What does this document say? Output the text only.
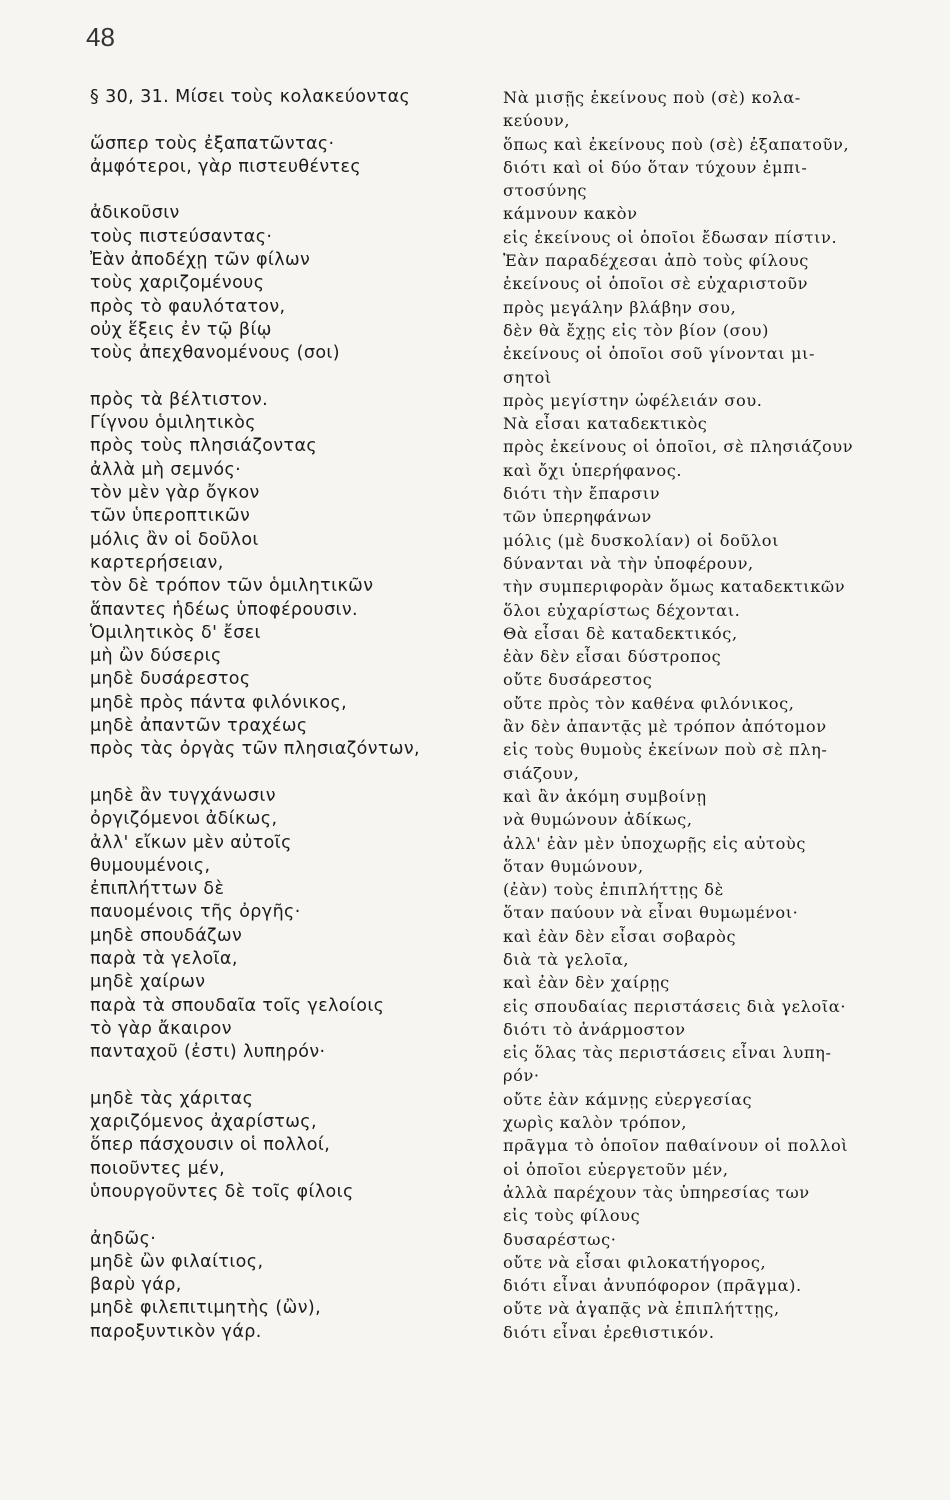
48
§ 30, 31. Μίσει τοὺς κολακεύοντας
ὥσπερ τοὺς ἐξαπατῶντας·
ἀμφότεροι, γὰρ πιστευθέντες
ἀδικοῦσιν
τοὺς πιστεύσαντας·
Ἐὰν ἀποδέχῃ τῶν φίλων
τοὺς χαριζομένους
πρὸς τὸ φαυλότατον,
οὐχ ἕξεις ἐν τῷ βίῳ
τοὺς ἀπεχθανομένους (σοι)
πρὸς τὰ βέλτιστον.
Γίγνου ὁμιλητικὸς
πρὸς τοὺς πλησιάζοντας
ἀλλὰ μὴ σεμνός·
τὸν μὲν γὰρ ὄγκον
τῶν ὑπεροπτικῶν
μόλις ἂν οἱ δοῦλοι
καρτερήσειαν,
τὸν δὲ τρόπον τῶν ὁμιλητικῶν
ἅπαντες ἡδέως ὑποφέρουσιν.
Ὁμιλητικὸς δ' ἔσει
μὴ ὢν δύσερις
μηδὲ δυσάρεστος
μηδὲ πρὸς πάντα φιλόνικος,
μηδὲ ἀπαντῶν τραχέως
πρὸς τὰς ὀργὰς τῶν πλησιαζόντων,
μηδὲ ἂν τυγχάνωσιν
ὀργιζόμενοι ἀδίκως,
ἀλλ' εἴκων μὲν αὐτοῖς
θυμουμένοις,
ἐπιπλήττων δὲ
παυομένοις τῆς ὀργῆς·
μηδὲ σπουδάζων
παρὰ τὰ γελοῖα,
μηδὲ χαίρων
παρὰ τὰ σπουδαῖα τοῖς γελοίοις
τὸ γὰρ ἄκαιρον
πανταχοῦ (ἐστι) λυπηρόν·
μηδὲ τὰς χάριτας
χαριζόμενος ἀχαρίστως,
ὅπερ πάσχουσιν οἱ πολλοί,
ποιοῦντες μέν,
ὑπουργοῦντες δὲ τοῖς φίλοις
ἀηδῶς·
μηδὲ ὢν φιλαίτιος,
βαρὺ γάρ,
μηδὲ φιλεπιτιμητὴς (ὢν),
παροξυντικὸν γάρ.
Νὰ μισῇς ἐκείνους ποὺ (σὲ) κολα-
κεύουν,
ὅπως καὶ ἐκείνους ποὺ (σὲ) ἐξαπατοῦν,
διότι καὶ οἱ δύο ὅταν τύχουν ἐμπι-
στοσύνης
κάμνουν κακὸν
εἰς ἐκείνους οἱ ὁποῖοι ἔδωσαν πίστιν.
Ἐὰν παραδέχεσαι ἀπὸ τοὺς φίλους
ἐκείνους οἱ ὁποῖοι σὲ εὐχαριστοῦν
πρὸς μεγάλην βλάβην σου,
δὲν θὰ ἔχῃς εἰς τὸν βίον (σου)
ἐκείνους οἱ ὁποῖοι σοῦ γίνονται μι-
σητοὶ
πρὸς μεγίστην ὠφέλειάν σου.
Νὰ εἶσαι καταδεκτικὸς
πρὸς ἐκείνους οἱ ὁποῖοι, σὲ πλησιάζουν
καὶ ὄχι ὑπερήφανος.
διότι τὴν ἔπαρσιν
τῶν ὑπερηφάνων
μόλις (μὲ δυσκολίαν) οἱ δοῦλοι
δύνανται νὰ τὴν ὑποφέρουν,
τὴν συμπεριφορὰν ὅμως καταδεκτικῶν
ὅλοι εὐχαρίστως δέχονται.
Θὰ εἶσαι δὲ καταδεκτικός,
ἐὰν δὲν εἶσαι δύστροπος
οὔτε δυσάρεστος
οὔτε πρὸς τὸν καθένα φιλόνικος,
ἂν δὲν ἀπαντᾷς μὲ τρόπον ἀπότομον
εἰς τοὺς θυμοὺς ἐκείνων ποὺ σὲ πλη-
σιάζουν,
καὶ ἂν ἀκόμη συμβοίνῃ
νὰ θυμώνουν ἀδίκως,
ἀλλ' ἐὰν μὲν ὑποχωρῇς εἰς αὐτοὺς
ὅταν θυμώνουν,
(ἐὰν) τοὺς ἐπιπλήττῃς δὲ
ὅταν παύουν νὰ εἶναι θυμωμένοι·
καὶ ἐὰν δὲν εἶσαι σοβαρὸς
διὰ τὰ γελοῖα,
καὶ ἐὰν δὲν χαίρῃς
εἰς σπουδαίας περιστάσεις διὰ γελοῖα·
διότι τὸ ἀνάρμοστον
εἰς ὅλας τὰς περιστάσεις εἶναι λυπη-
ρόν·
οὔτε ἐὰν κάμνῃς εὐεργεσίας
χωρὶς καλὸν τρόπον,
πρᾶγμα τὸ ὁποῖον παθαίνουν οἱ πολλοὶ
οἱ ὁποῖοι εὐεργετοῦν μέν,
ἀλλὰ παρέχουν τὰς ὑπηρεσίας των
εἰς τοὺς φίλους
δυσαρέστως·
οὔτε νὰ εἶσαι φιλοκατήγορος,
διότι εἶναι ἀνυπόφορον (πρᾶγμα).
οὔτε νὰ ἀγαπᾷς νὰ ἐπιπλήττῃς,
διότι εἶναι ἐρεθιστικόν.
